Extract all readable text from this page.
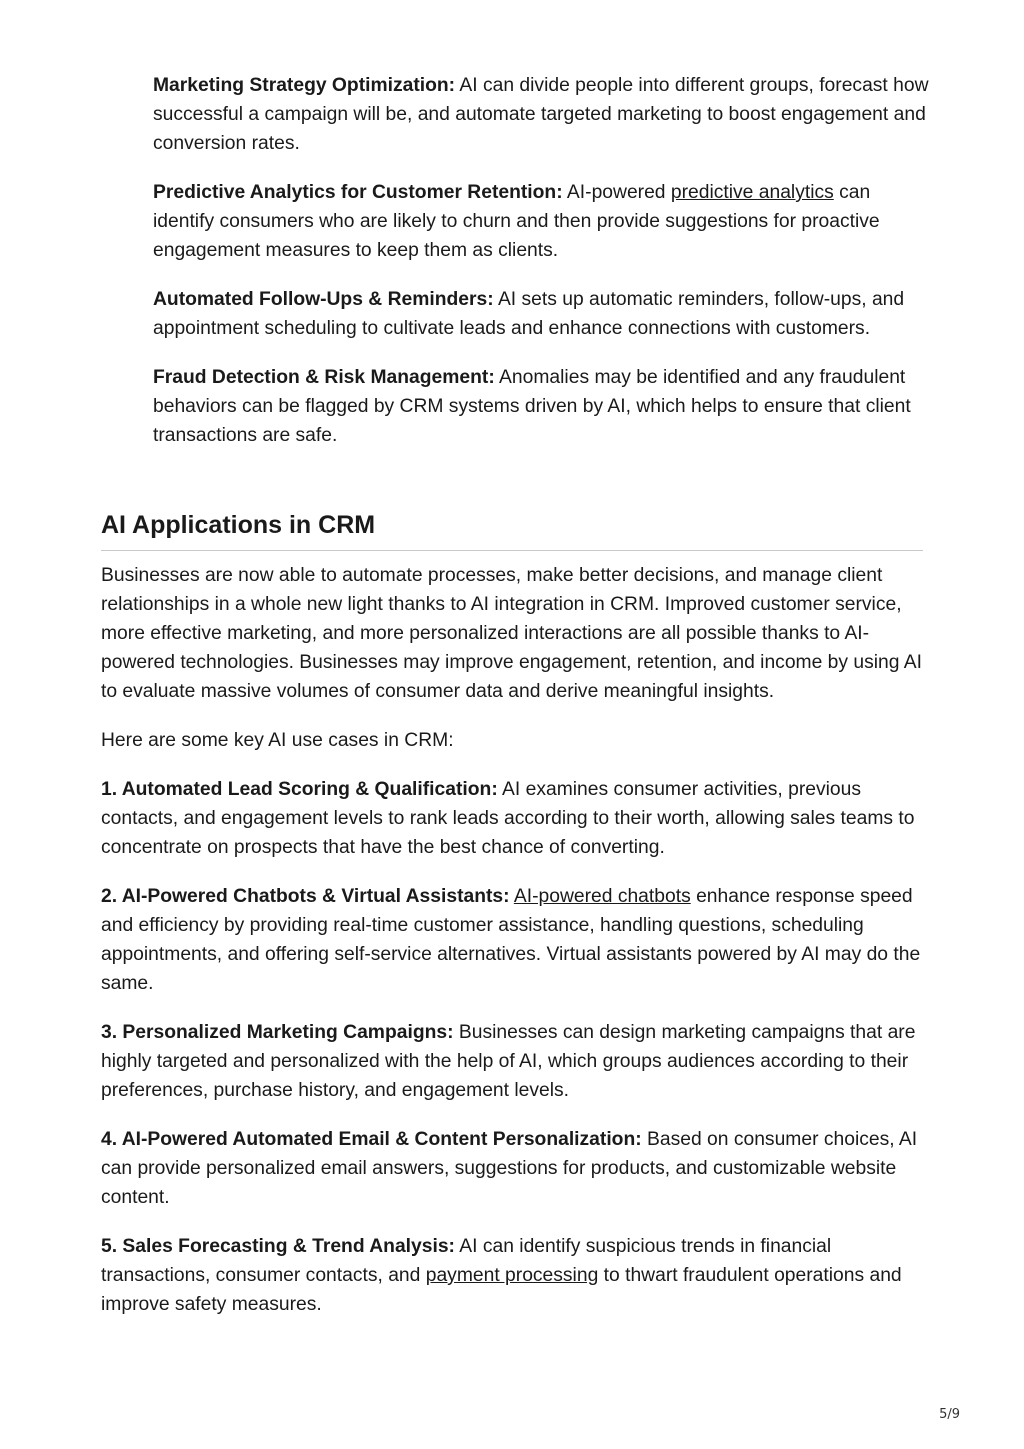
Marketing Strategy Optimization: AI can divide people into different groups, forecast how successful a campaign will be, and automate targeted marketing to boost engagement and conversion rates.

Predictive Analytics for Customer Retention: AI-powered predictive analytics can identify consumers who are likely to churn and then provide suggestions for proactive engagement measures to keep them as clients.

Automated Follow-Ups & Reminders: AI sets up automatic reminders, follow-ups, and appointment scheduling to cultivate leads and enhance connections with customers.

Fraud Detection & Risk Management: Anomalies may be identified and any fraudulent behaviors can be flagged by CRM systems driven by AI, which helps to ensure that client transactions are safe.

AI Applications in CRM

Businesses are now able to automate processes, make better decisions, and manage client relationships in a whole new light thanks to AI integration in CRM. Improved customer service, more effective marketing, and more personalized interactions are all possible thanks to AI-powered technologies. Businesses may improve engagement, retention, and income by using AI to evaluate massive volumes of consumer data and derive meaningful insights.

Here are some key AI use cases in CRM:

1. Automated Lead Scoring & Qualification: AI examines consumer activities, previous contacts, and engagement levels to rank leads according to their worth, allowing sales teams to concentrate on prospects that have the best chance of converting.

2. AI-Powered Chatbots & Virtual Assistants: AI-powered chatbots enhance response speed and efficiency by providing real-time customer assistance, handling questions, scheduling appointments, and offering self-service alternatives. Virtual assistants powered by AI may do the same.

3. Personalized Marketing Campaigns: Businesses can design marketing campaigns that are highly targeted and personalized with the help of AI, which groups audiences according to their preferences, purchase history, and engagement levels.

4. AI-Powered Automated Email & Content Personalization: Based on consumer choices, AI can provide personalized email answers, suggestions for products, and customizable website content.

5. Sales Forecasting & Trend Analysis: AI can identify suspicious trends in financial transactions, consumer contacts, and payment processing to thwart fraudulent operations and improve safety measures.

5/9
